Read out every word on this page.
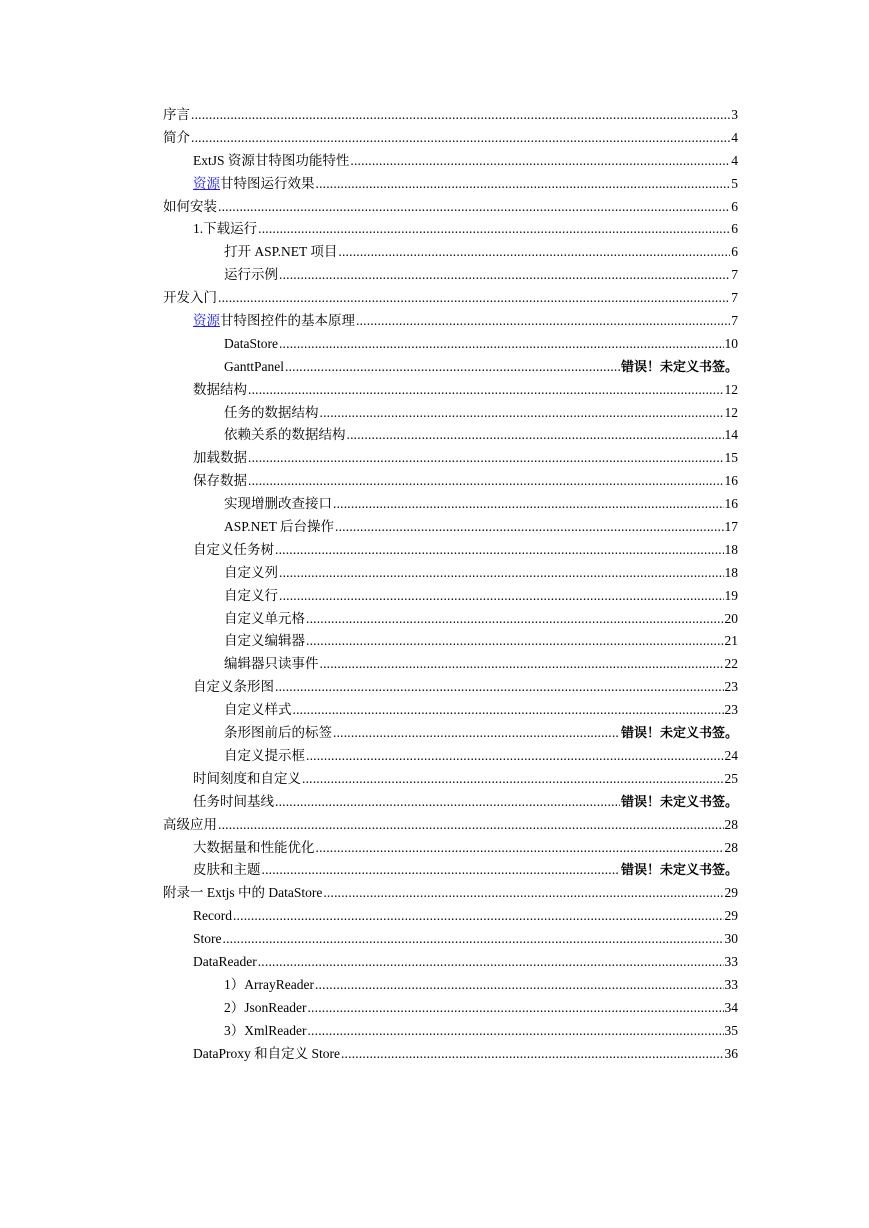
序言 .....	3
简介 .....	4
ExtJS 资源甘特图功能特性 .....	4
资源甘特图运行效果 .....	5
如何安装 .....	6
1.下载运行 .....	6
打开 ASP.NET 项目 .....	6
运行示例 .....	7
开发入门 .....	7
资源甘特图控件的基本原理 .....	7
DataStore .....	10
GanttPanel .....	错误！未定义书签。
数据结构 .....	12
任务的数据结构 .....	12
依赖关系的数据结构 .....	14
加载数据 .....	15
保存数据 .....	16
实现增删改查接口 .....	16
ASP.NET 后台操作 .....	17
自定义任务树 .....	18
自定义列 .....	18
自定义行 .....	19
自定义单元格 .....	20
自定义编辑器 .....	21
编辑器只读事件 .....	22
自定义条形图 .....	23
自定义样式 .....	23
条形图前后的标签 .....	错误！未定义书签。
自定义提示框 .....	24
时间刻度和自定义 .....	25
任务时间基线 .....	错误！未定义书签。
高级应用 .....	28
大数据量和性能优化 .....	28
皮肤和主题 .....	错误！未定义书签。
附录一 Extjs 中的 DataStore .....	29
Record .....	29
Store .....	30
DataReader .....	33
1）ArrayReader .....	33
2）JsonReader .....	34
3）XmlReader .....	35
DataProxy 和自定义 Store .....	36
